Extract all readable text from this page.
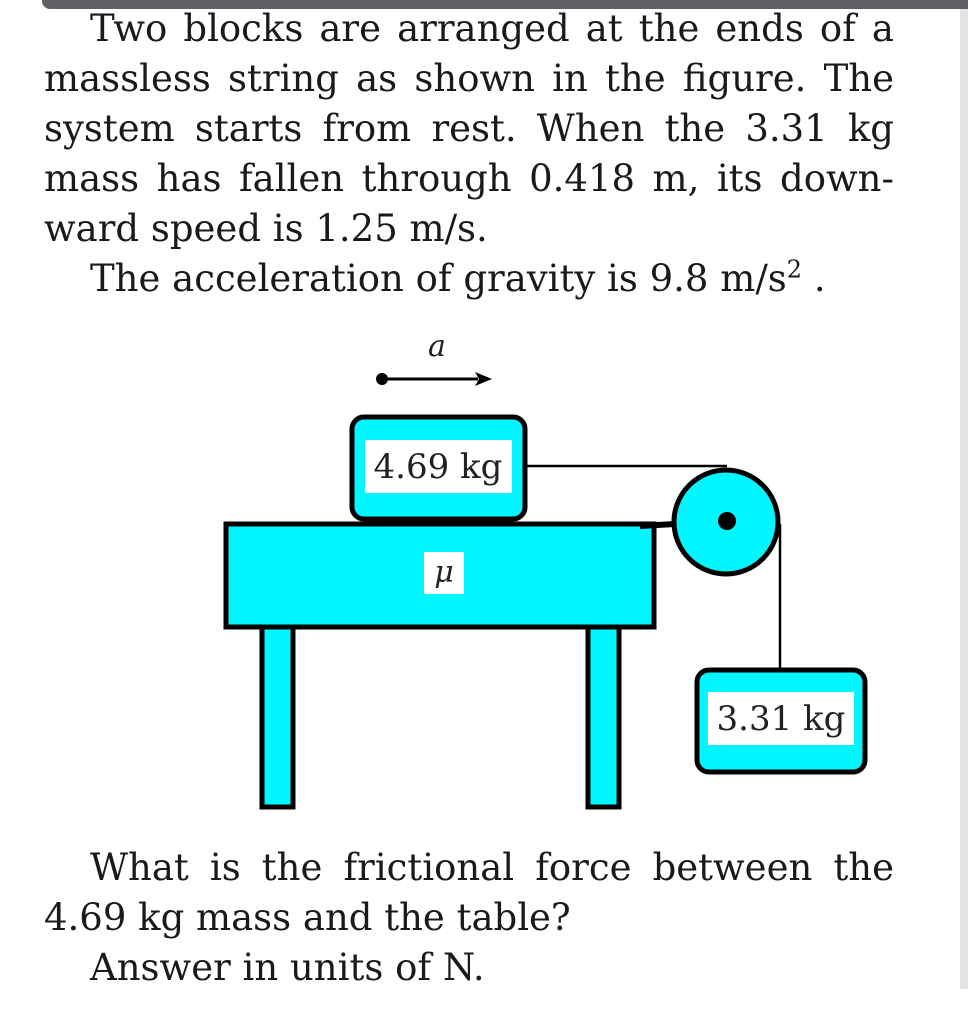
Two blocks are arranged at the ends of a
massless string as shown in the figure. The
system starts from rest. When the 3.31 kg
mass has fallen through 0.418 m, its down-
ward speed is 1.25 m/s.
The acceleration of gravity is 9.8 $m/s^2$ .
a
μ
4.69 kg
3.31 kg
What is the frictional force between the
4.69 kg mass and the table?
Answer in units of N.
